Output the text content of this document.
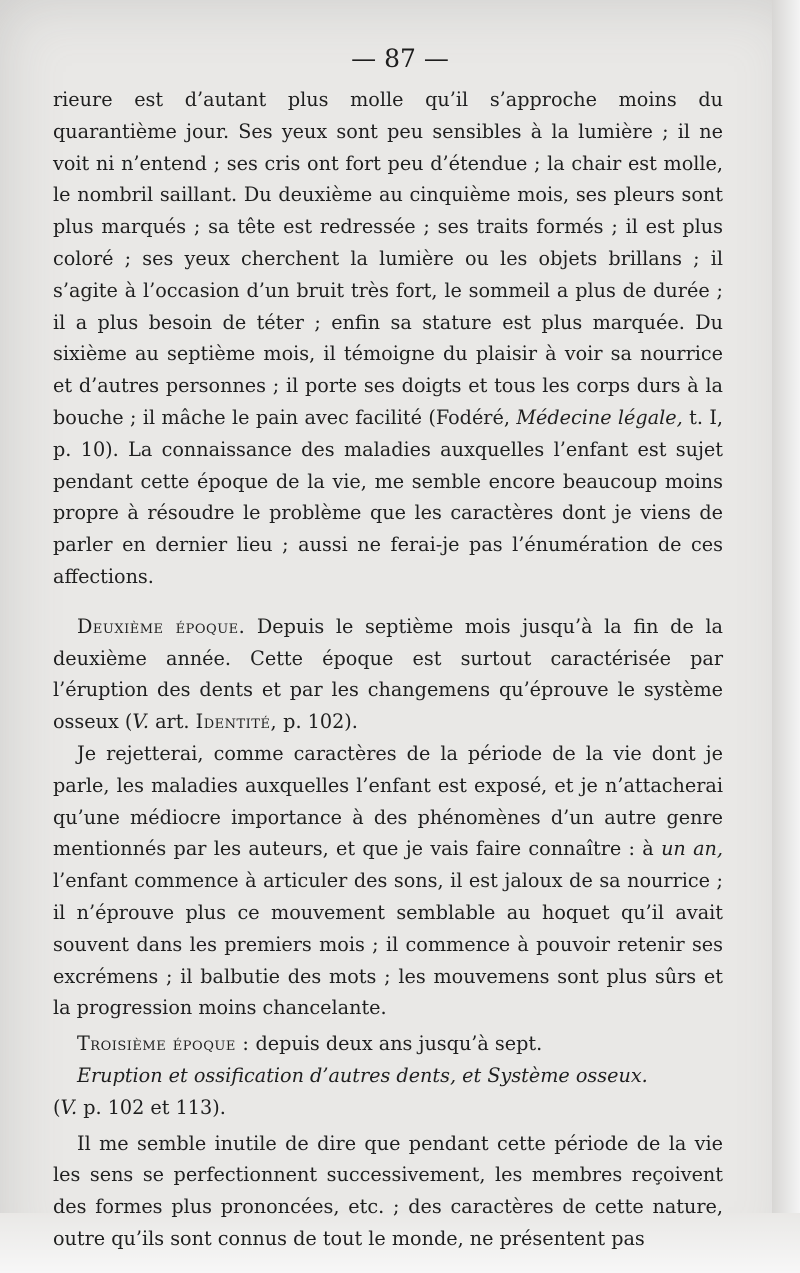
— 87 —

rieure est d’autant plus molle qu’il s’approche moins du quarantième jour. Ses yeux sont peu sensibles à la lumière ; il ne voit ni n’entend ; ses cris ont fort peu d’étendue ; la chair est molle, le nombril saillant. Du deuxième au cinquième mois, ses pleurs sont plus marqués ; sa tête est redressée ; ses traits formés ; il est plus coloré ; ses yeux cherchent la lumière ou les objets brillans ; il s’agite à l’occasion d’un bruit très fort, le sommeil a plus de durée ; il a plus besoin de téter ; enfin sa stature est plus marquée. Du sixième au septième mois, il témoigne du plaisir à voir sa nourrice et d’autres personnes ; il porte ses doigts et tous les corps durs à la bouche ; il mâche le pain avec facilité (Fodéré, Médecine légale, t. I, p. 10). La connaissance des maladies auxquelles l’enfant est sujet pendant cette époque de la vie, me semble encore beaucoup moins propre à résoudre le problème que les caractères dont je viens de parler en dernier lieu ; aussi ne ferai-je pas l’énumération de ces affections.

Deuxième époque. Depuis le septième mois jusqu’à la fin de la deuxième année. Cette époque est surtout caractérisée par l’éruption des dents et par les changemens qu’éprouve le système osseux (V. art. Identité, p. 102).

Je rejetterai, comme caractères de la période de la vie dont je parle, les maladies auxquelles l’enfant est exposé, et je n’attacherai qu’une médiocre importance à des phénomènes d’un autre genre mentionnés par les auteurs, et que je vais faire connaître : à un an, l’enfant commence à articuler des sons, il est jaloux de sa nourrice ; il n’éprouve plus ce mouvement semblable au hoquet qu’il avait souvent dans les premiers mois ; il commence à pouvoir retenir ses excrémens ; il balbutie des mots ; les mouvemens sont plus sûrs et la progression moins chancelante.

Troisième époque : depuis deux ans jusqu’à sept.

Eruption et ossification d’autres dents, et Système osseux.

(V. p. 102 et 113).

Il me semble inutile de dire que pendant cette période de la vie les sens se perfectionnent successivement, les membres reçoivent des formes plus prononcées, etc. ; des caractères de cette nature, outre qu’ils sont connus de tout le monde, ne présentent pas
